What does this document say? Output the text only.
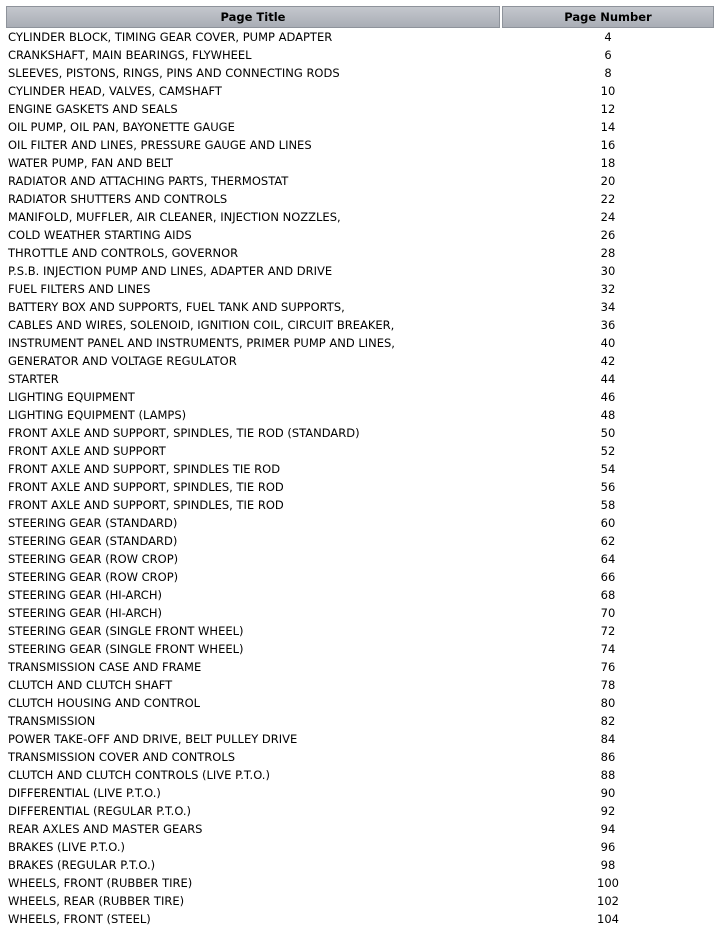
Page Title	Page Number
CYLINDER BLOCK, TIMING GEAR COVER, PUMP ADAPTER	4
CRANKSHAFT, MAIN BEARINGS, FLYWHEEL	6
SLEEVES, PISTONS, RINGS, PINS AND CONNECTING RODS	8
CYLINDER HEAD, VALVES, CAMSHAFT	10
ENGINE GASKETS AND SEALS	12
OIL PUMP, OIL PAN, BAYONETTE GAUGE	14
OIL FILTER AND LINES, PRESSURE GAUGE AND LINES	16
WATER PUMP, FAN AND BELT	18
RADIATOR AND ATTACHING PARTS, THERMOSTAT	20
RADIATOR SHUTTERS AND CONTROLS	22
MANIFOLD, MUFFLER, AIR CLEANER, INJECTION NOZZLES,	24
COLD WEATHER STARTING AIDS	26
THROTTLE AND CONTROLS, GOVERNOR	28
P.S.B. INJECTION PUMP AND LINES, ADAPTER AND DRIVE	30
FUEL FILTERS AND LINES	32
BATTERY BOX AND SUPPORTS, FUEL TANK AND SUPPORTS,	34
CABLES AND WIRES, SOLENOID, IGNITION COIL, CIRCUIT BREAKER,	36
INSTRUMENT PANEL AND INSTRUMENTS, PRIMER PUMP AND LINES,	40
GENERATOR AND VOLTAGE REGULATOR	42
STARTER	44
LIGHTING EQUIPMENT	46
LIGHTING EQUIPMENT (LAMPS)	48
FRONT AXLE AND SUPPORT, SPINDLES, TIE ROD (STANDARD)	50
FRONT AXLE AND SUPPORT	52
FRONT AXLE AND SUPPORT, SPINDLES TIE ROD	54
FRONT AXLE AND SUPPORT, SPINDLES, TIE ROD	56
FRONT AXLE AND SUPPORT, SPINDLES, TIE ROD	58
STEERING GEAR (STANDARD)	60
STEERING GEAR (STANDARD)	62
STEERING GEAR (ROW CROP)	64
STEERING GEAR (ROW CROP)	66
STEERING GEAR (HI-ARCH)	68
STEERING GEAR (HI-ARCH)	70
STEERING GEAR (SINGLE FRONT WHEEL)	72
STEERING GEAR (SINGLE FRONT WHEEL)	74
TRANSMISSION CASE AND FRAME	76
CLUTCH AND CLUTCH SHAFT	78
CLUTCH HOUSING AND CONTROL	80
TRANSMISSION	82
POWER TAKE-OFF AND DRIVE, BELT PULLEY DRIVE	84
TRANSMISSION COVER AND CONTROLS	86
CLUTCH AND CLUTCH CONTROLS (LIVE P.T.O.)	88
DIFFERENTIAL (LIVE P.T.O.)	90
DIFFERENTIAL (REGULAR P.T.O.)	92
REAR AXLES AND MASTER GEARS	94
BRAKES (LIVE P.T.O.)	96
BRAKES (REGULAR P.T.O.)	98
WHEELS, FRONT (RUBBER TIRE)	100
WHEELS, REAR (RUBBER TIRE)	102
WHEELS, FRONT (STEEL)	104
